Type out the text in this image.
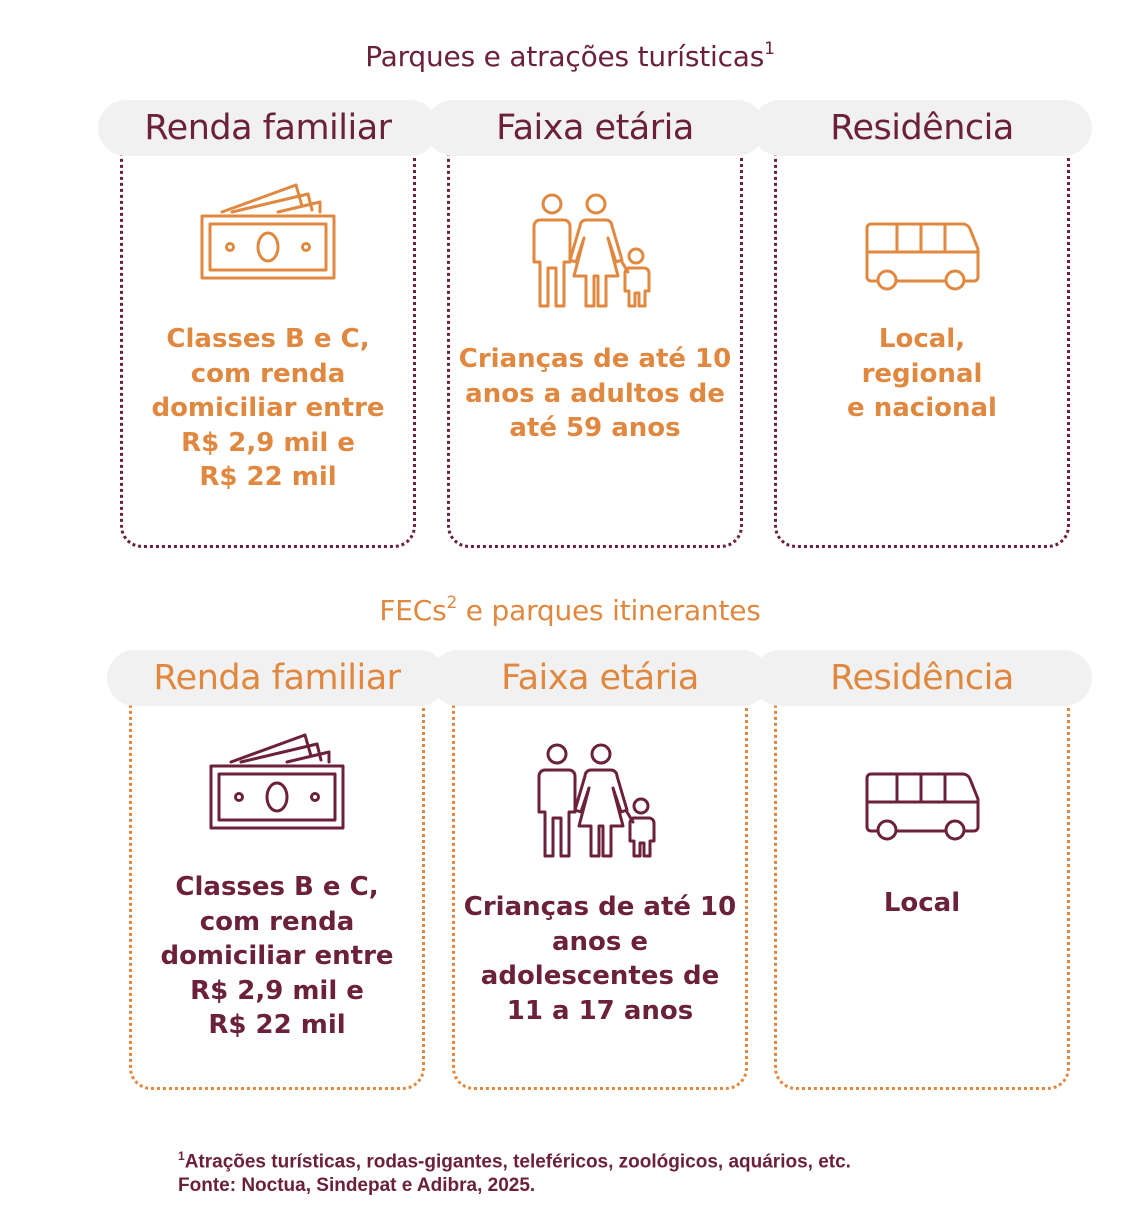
Parques e atrações turísticas$^1$
Renda familiar
Classes B e C,
com renda
domiciliar entre
R$ 2,9 mil e
R$ 22 mil
Faixa etária
Crianças de até 10
anos a adultos de
até 59 anos
Residência
Local,
regional
e nacional
FECs$^2$ e parques itinerantes
Renda familiar
Classes B e C,
com renda
domiciliar entre
R$ 2,9 mil e
R$ 22 mil
Faixa etária
Crianças de até 10
anos e
adolescentes de
11 a 17 anos
Residência
Local
$^1$Atrações turísticas, rodas-gigantes, teleféricos, zoológicos, aquários, etc.
Fonte: Noctua, Sindepat e Adibra, 2025.
